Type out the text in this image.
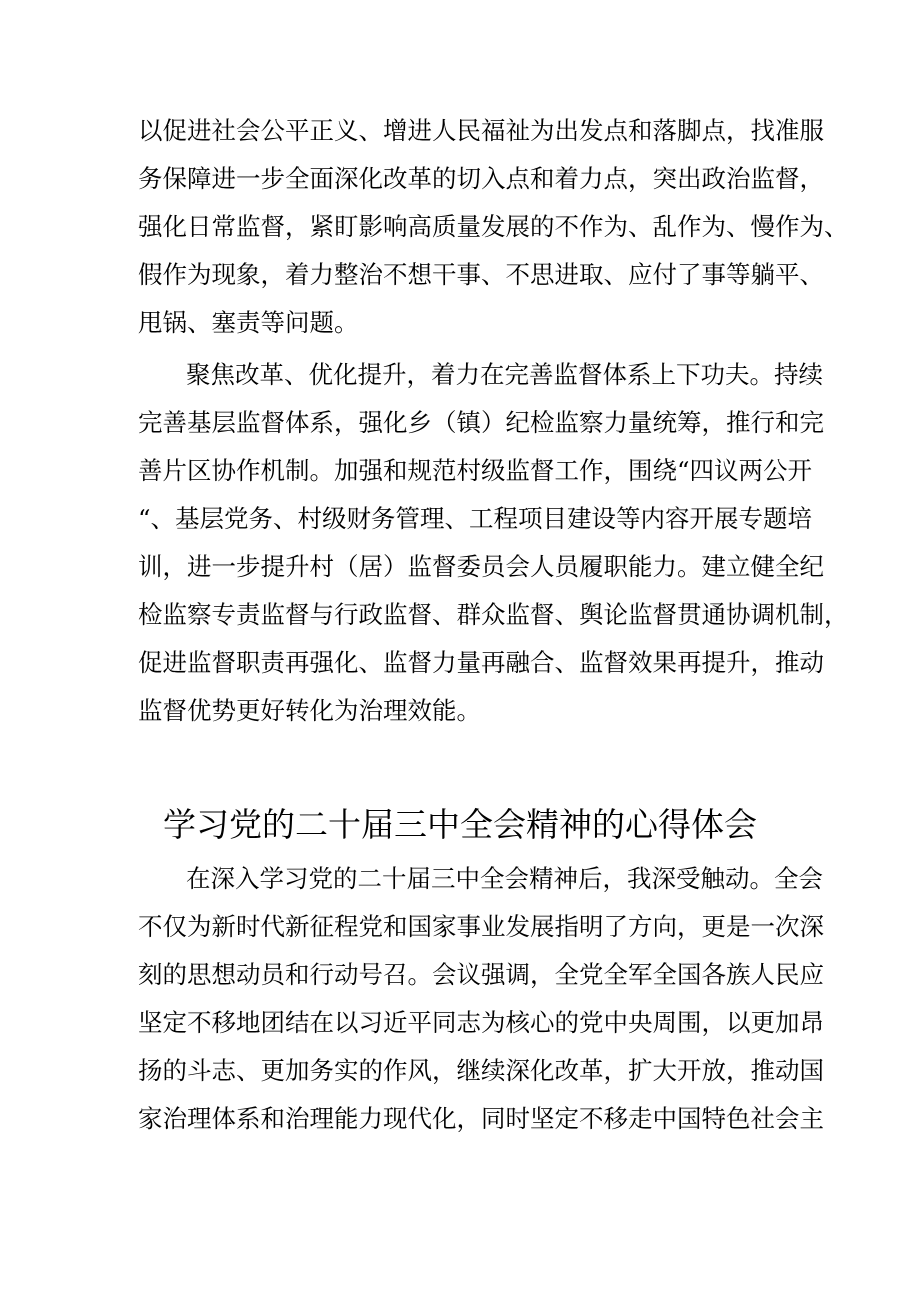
以促进社会公平正义、增进人民福祉为出发点和落脚点，找准服
务保障进一步全面深化改革的切入点和着力点，突出政治监督，
强化日常监督，紧盯影响高质量发展的不作为、乱作为、慢作为、
假作为现象，着力整治不想干事、不思进取、应付了事等躺平、
甩锅、塞责等问题。
聚焦改革、优化提升，着力在完善监督体系上下功夫。持续
完善基层监督体系，强化乡（镇）纪检监察力量统筹，推行和完
善片区协作机制。加强和规范村级监督工作，围绕“四议两公开
“、基层党务、村级财务管理、工程项目建设等内容开展专题培
训，进一步提升村（居）监督委员会人员履职能力。建立健全纪
检监察专责监督与行政监督、群众监督、舆论监督贯通协调机制，
促进监督职责再强化、监督力量再融合、监督效果再提升，推动
监督优势更好转化为治理效能。
学习党的二十届三中全会精神的心得体会
在深入学习党的二十届三中全会精神后，我深受触动。全会
不仅为新时代新征程党和国家事业发展指明了方向，更是一次深
刻的思想动员和行动号召。会议强调，全党全军全国各族人民应
坚定不移地团结在以习近平同志为核心的党中央周围，以更加昂
扬的斗志、更加务实的作风，继续深化改革，扩大开放，推动国
家治理体系和治理能力现代化，同时坚定不移走中国特色社会主
